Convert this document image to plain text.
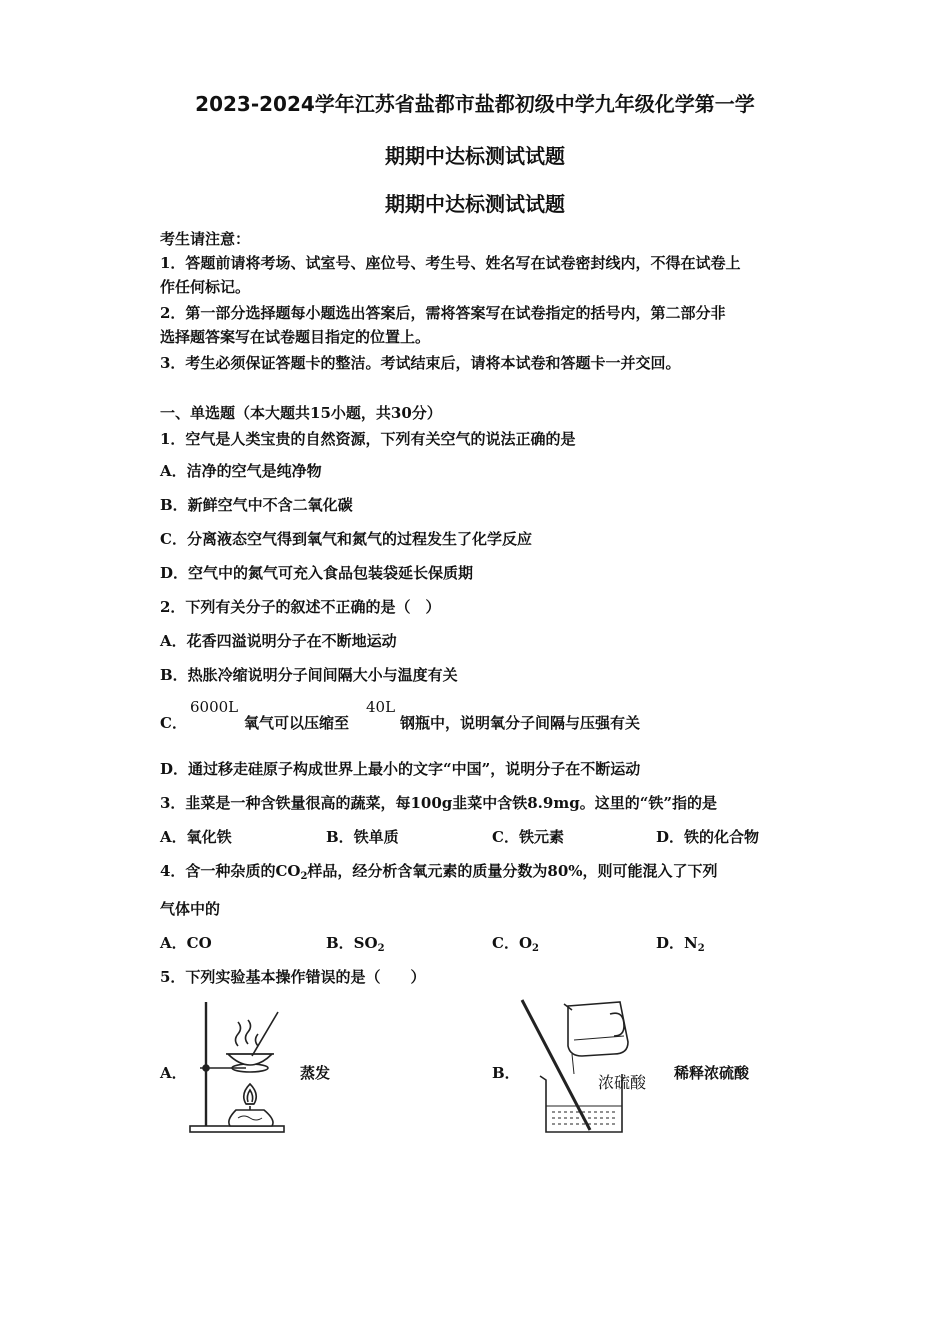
2023-2024学年江苏省盐都市盐都初级中学九年级化学第一学
期期中达标测试试题
期期中达标测试试题
考生请注意：
1．答题前请将考场、试室号、座位号、考生号、姓名写在试卷密封线内，不得在试卷上
作任何标记。
2．第一部分选择题每小题选出答案后，需将答案写在试卷指定的括号内，第二部分非
选择题答案写在试卷题目指定的位置上。
3．考生必须保证答题卡的整洁。考试结束后，请将本试卷和答题卡一并交回。
一、单选题（本大题共15小题，共30分）
1．空气是人类宝贵的自然资源，下列有关空气的说法正确的是
A．洁净的空气是纯净物
B．新鲜空气中不含二氧化碳
C．分离液态空气得到氧气和氮气的过程发生了化学反应
D．空气中的氮气可充入食品包装袋延长保质期
2．下列有关分子的叙述不正确的是（　）
A．花香四溢说明分子在不断地运动
B．热胀冷缩说明分子间间隔大小与温度有关
C．
6000L
氧气可以压缩至
40L
钢瓶中，说明氧分子间隔与压强有关
D．通过移走硅原子构成世界上最小的文字“中国”，说明分子在不断运动
3．韭菜是一种含铁量很高的蔬菜，每100g韭菜中含铁8.9mg。这里的“铁”指的是
A．氧化铁	B．铁单质	C．铁元素	D．铁的化合物
4．含一种杂质的$CO_2$样品，经分析含氧元素的质量分数为80%，则可能混入了下列
气体中的
A．CO	B．$SO_2$	C．$O_2$	D．$N_2$
5．下列实验基本操作错误的是（　　）
A．	蒸发	B．	稀释浓硫酸
浓硫酸
